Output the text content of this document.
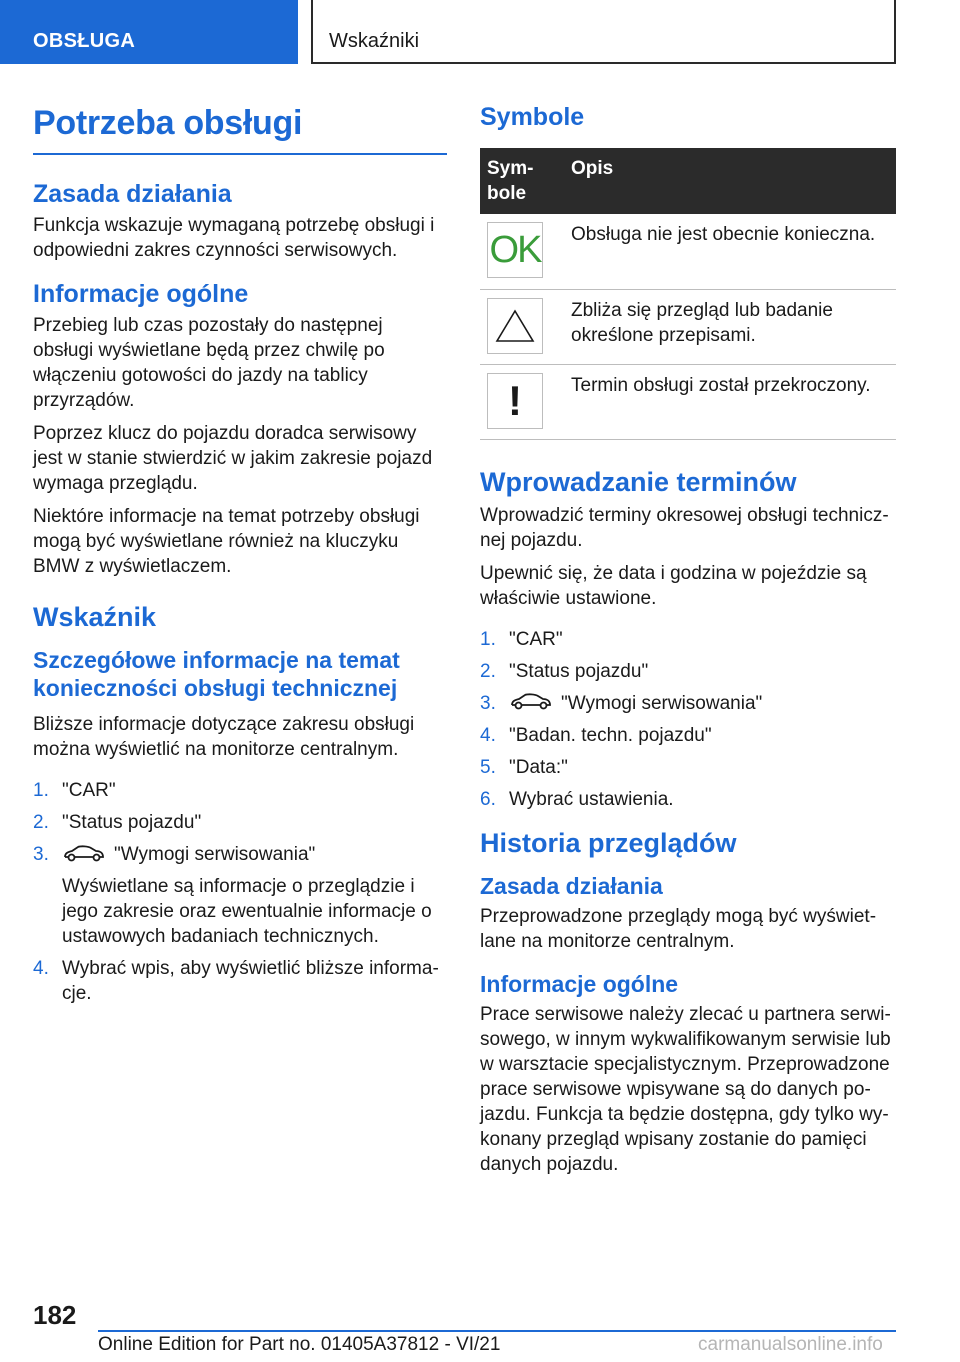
OBSŁUGA	Wskaźniki
Potrzeba obsługi
Zasada działania

Funkcja wskazuje wymaganą potrzebę obsługi i odpowiedni zakres czynności serwisowych.

Informacje ogólne

Przebieg lub czas pozostały do następnej obsługi wyświetlane będą przez chwilę po włączeniu gotowości do jazdy na tablicy przyrządów.

Poprzez klucz do pojazdu doradca serwisowy jest w stanie stwierdzić w jakim zakresie pojazd wymaga przeglądu.

Niektóre informacje na temat potrzeby obsługi mogą być wyświetlane również na kluczyku BMW z wyświetlaczem.

Wskaźnik
Szczegółowe informacje na temat konieczności obsługi technicznej

Bliższe informacje dotyczące zakresu obsługi można wyświetlić na monitorze centralnym.

1. "CAR"
2. "Status pojazdu"
3.	"Wymogi serwisowania"
Wyświetlane są informacje o przeglądzie i jego zakresie oraz ewentualnie informacje o ustawowych badaniach technicznych.
4. Wybrać wpis, aby wyświetlić bliższe informacje.
Symbole
Symbole	Opis

OK	Obsługa nie jest obecnie konieczna.

	Zbliża się przegląd lub badanie określone przepisami.

!	Termin obsługi został przekroczony.
Wprowadzanie terminów

Wprowadzić terminy okresowej obsługi technicznej pojazdu.

Upewnić się, że data i godzina w pojeździe są właściwie ustawione.

1. "CAR"
2. "Status pojazdu"
3.	"Wymogi serwisowania"
4. "Badan. techn. pojazdu"
5. "Data:"
6. Wybrać ustawienia.
Historia przeglądów
Zasada działania

Przeprowadzone przeglądy mogą być wyświetlane na monitorze centralnym.

Informacje ogólne

Prace serwisowe należy zlecać u partnera serwisowego, w innym wykwalifikowanym serwisie lub w warsztacie specjalistycznym. Przeprowadzone prace serwisowe wpisywane są do danych pojazdu. Funkcja ta będzie dostępna, gdy tylko wykonany przegląd wpisany zostanie do pamięci danych pojazdu.

182
Online Edition for Part no. 01405A37812 - VI/21	carmanualsonline.info
